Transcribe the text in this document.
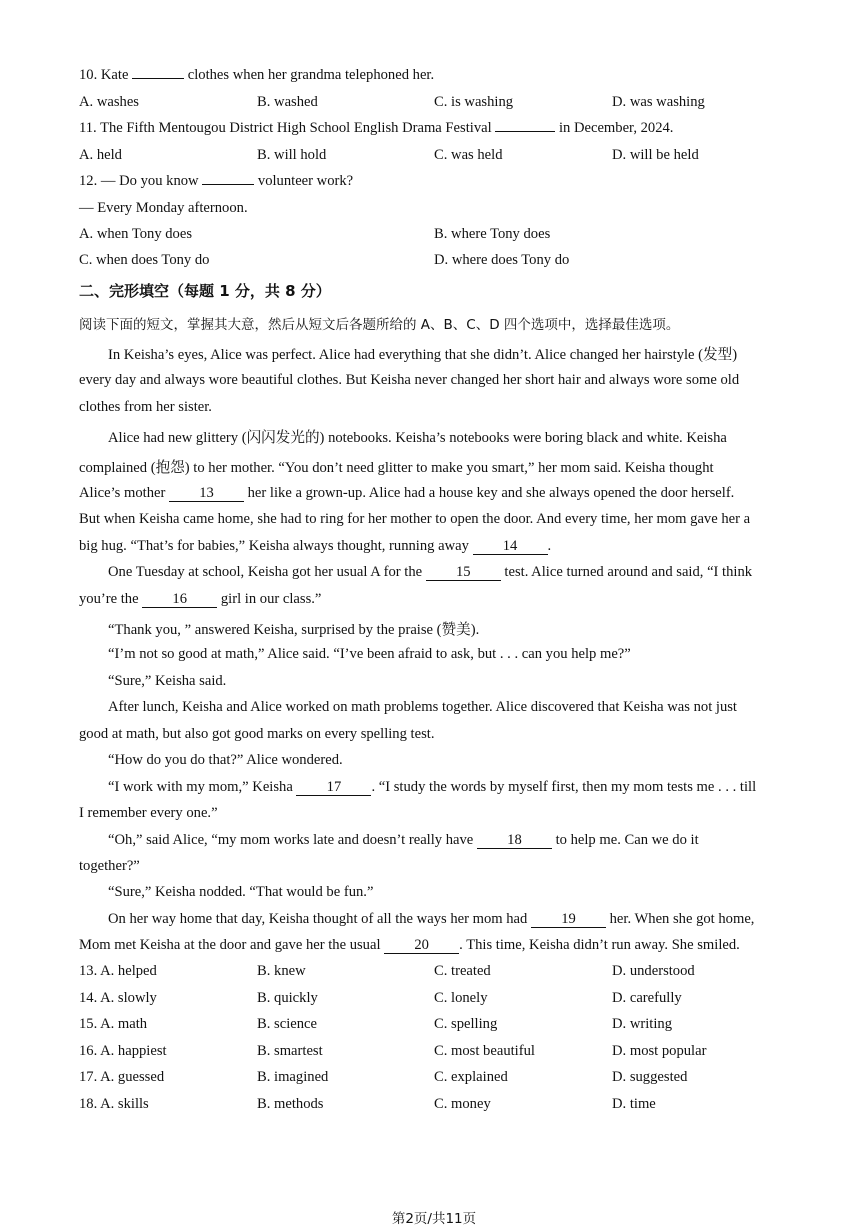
10. Kate	clothes when her grandma telephoned her.
A. washes	B. washed	C. is washing	D. was washing
11. The Fifth Mentougou District High School English Drama Festival	in December, 2024.
A. held	B. will hold	C. was held	D. will be held
12. — Do you know	volunteer work?
— Every Monday afternoon.
A. when Tony does	B. where Tony does
C. when does Tony do	D. where does Tony do
二、完形填空（每题 1 分，共 8 分）
阅读下面的短文，掌握其大意，然后从短文后各题所给的 A、B、C、D 四个选项中，选择最佳选项。
In Keisha’s eyes, Alice was perfect. Alice had everything that she didn’t. Alice changed her hairstyle (发型)
every day and always wore beautiful clothes. But Keisha never changed her short hair and always wore some old
clothes from her sister.
Alice had new glittery (闪闪发光的) notebooks. Keisha’s notebooks were boring black and white. Keisha
complained (抱怨) to her mother. “You don’t need glitter to make you smart,” her mom said. Keisha thought
Alice’s mother 13 her like a grown-up. Alice had a house key and she always opened the door herself.
But when Keisha came home, she had to ring for her mother to open the door. And every time, her mom gave her a
big hug. “That’s for babies,” Keisha always thought, running away 14 .
One Tuesday at school, Keisha got her usual A for the 15 test. Alice turned around and said, “I think
you’re the 16 girl in our class.”
“Thank you, ” answered Keisha, surprised by the praise (赞美).
“I’m not so good at math,” Alice said. “I’ve been afraid to ask, but . . . can you help me?”
“Sure,” Keisha said.
After lunch, Keisha and Alice worked on math problems together. Alice discovered that Keisha was not just
good at math, but also got good marks on every spelling test.
“How do you do that?” Alice wondered.
“I work with my mom,” Keisha 17 . “I study the words by myself first, then my mom tests me . . . till
I remember every one.”
“Oh,” said Alice, “my mom works late and doesn’t really have 18 to help me. Can we do it
together?”
“Sure,” Keisha nodded. “That would be fun.”
On her way home that day, Keisha thought of all the ways her mom had 19 her. When she got home,
Mom met Keisha at the door and gave her the usual 20 . This time, Keisha didn’t run away. She smiled.
13. A. helped	B. knew	C. treated	D. understood
14. A. slowly	B. quickly	C. lonely	D. carefully
15. A. math	B. science	C. spelling	D. writing
16. A. happiest	B. smartest	C. most beautiful	D. most popular
17. A. guessed	B. imagined	C. explained	D. suggested
18. A. skills	B. methods	C. money	D. time
第2页/共11页
